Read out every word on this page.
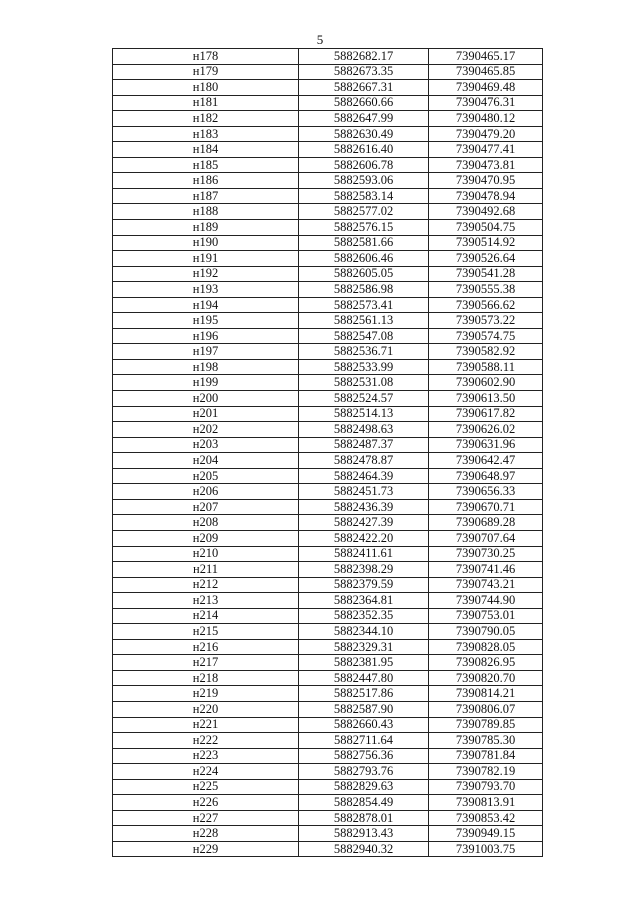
5
н178	5882682.17	7390465.17
н179	5882673.35	7390465.85
н180	5882667.31	7390469.48
н181	5882660.66	7390476.31
н182	5882647.99	7390480.12
н183	5882630.49	7390479.20
н184	5882616.40	7390477.41
н185	5882606.78	7390473.81
н186	5882593.06	7390470.95
н187	5882583.14	7390478.94
н188	5882577.02	7390492.68
н189	5882576.15	7390504.75
н190	5882581.66	7390514.92
н191	5882606.46	7390526.64
н192	5882605.05	7390541.28
н193	5882586.98	7390555.38
н194	5882573.41	7390566.62
н195	5882561.13	7390573.22
н196	5882547.08	7390574.75
н197	5882536.71	7390582.92
н198	5882533.99	7390588.11
н199	5882531.08	7390602.90
н200	5882524.57	7390613.50
н201	5882514.13	7390617.82
н202	5882498.63	7390626.02
н203	5882487.37	7390631.96
н204	5882478.87	7390642.47
н205	5882464.39	7390648.97
н206	5882451.73	7390656.33
н207	5882436.39	7390670.71
н208	5882427.39	7390689.28
н209	5882422.20	7390707.64
н210	5882411.61	7390730.25
н211	5882398.29	7390741.46
н212	5882379.59	7390743.21
н213	5882364.81	7390744.90
н214	5882352.35	7390753.01
н215	5882344.10	7390790.05
н216	5882329.31	7390828.05
н217	5882381.95	7390826.95
н218	5882447.80	7390820.70
н219	5882517.86	7390814.21
н220	5882587.90	7390806.07
н221	5882660.43	7390789.85
н222	5882711.64	7390785.30
н223	5882756.36	7390781.84
н224	5882793.76	7390782.19
н225	5882829.63	7390793.70
н226	5882854.49	7390813.91
н227	5882878.01	7390853.42
н228	5882913.43	7390949.15
н229	5882940.32	7391003.75
